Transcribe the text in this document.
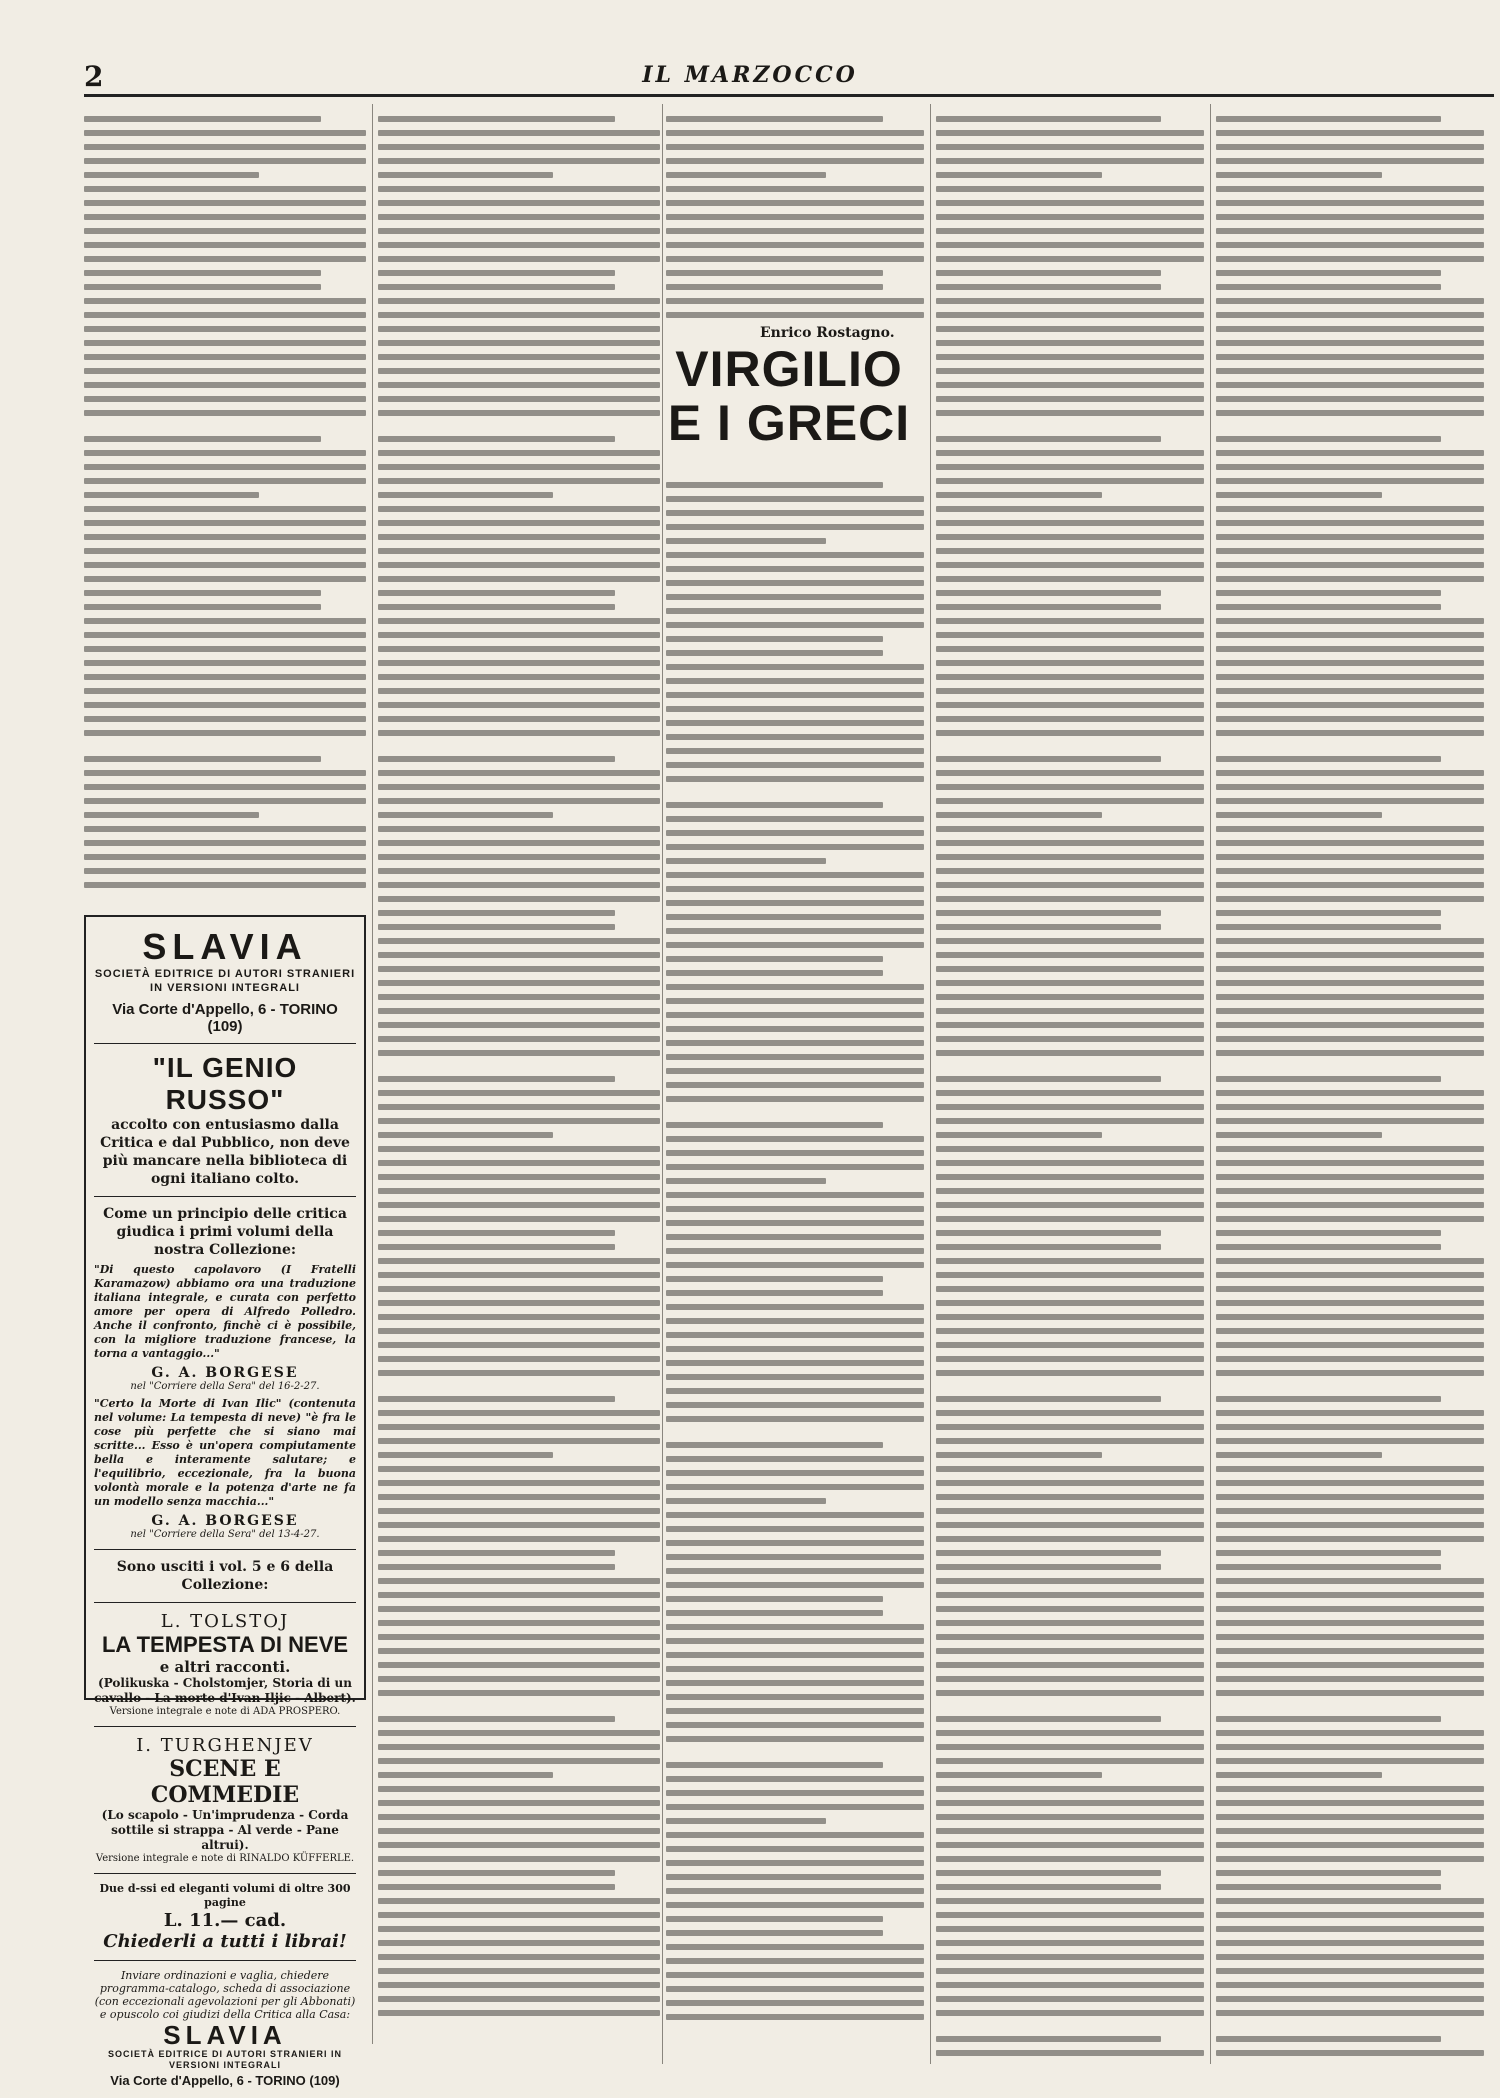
2	IL MARZOCCO
Enrico Rostagno.
VIRGILIO
E I GRECI
SLAVIA
SOCIETÀ EDITRICE DI AUTORI STRANIERI
IN VERSIONI INTEGRALI
Via Corte d'Appello, 6 - TORINO (109)
"IL GENIO RUSSO"
accolto con entusiasmo dalla Critica e dal Pubblico, non deve più mancare nella biblioteca di ogni italiano colto.
Come un principio delle critica giudica i primi volumi della nostra Collezione:
"Di questo capolavoro (I Fratelli Karamazow) abbiamo ora una traduzione italiana integrale, e curata con perfetto amore per opera di Alfredo Polledro. Anche il confronto, finchè ci è possibile, con la migliore traduzione francese, la torna a vantaggio..."
G. A. BORGESE
nel "Corriere della Sera" del 16-2-27.
"Certo la Morte di Ivan Ilic" (contenuta nel volume: La tempesta di neve) "è fra le cose più perfette che si siano mai scritte... Esso è un'opera compiutamente bella e interamente salutare; e l'equilibrio, eccezionale, fra la buona volontà morale e la potenza d'arte ne fa un modello senza macchia..."
G. A. BORGESE
nel "Corriere della Sera" del 13-4-27.
Sono usciti i vol. 5 e 6 della Collezione:
L. TOLSTOJ
LA TEMPESTA DI NEVE
e altri racconti.
(Polikuska - Cholstomjer, Storia di un cavallo - La morte d'Ivan Iljic - Albert).
Versione integrale e note di ADA PROSPERO.
I. TURGHENJEV
SCENE E COMMEDIE
(Lo scapolo - Un'imprudenza - Corda sottile si strappa - Al verde - Pane altrui).
Versione integrale e note di RINALDO KÜFFERLE.
Due d-ssi ed eleganti volumi di oltre 300 pagine
L. 11.— cad.
Chiederli a tutti i librai!
Inviare ordinazioni e vaglia, chiedere programma-catalogo, scheda di associazione (con eccezionali agevolazioni per gli Abbonati) e opuscolo coi giudizi della Critica alla Casa:
SLAVIA
SOCIETÀ EDITRICE DI AUTORI STRANIERI IN VERSIONI INTEGRALI
Via Corte d'Appello, 6 - TORINO (109)
